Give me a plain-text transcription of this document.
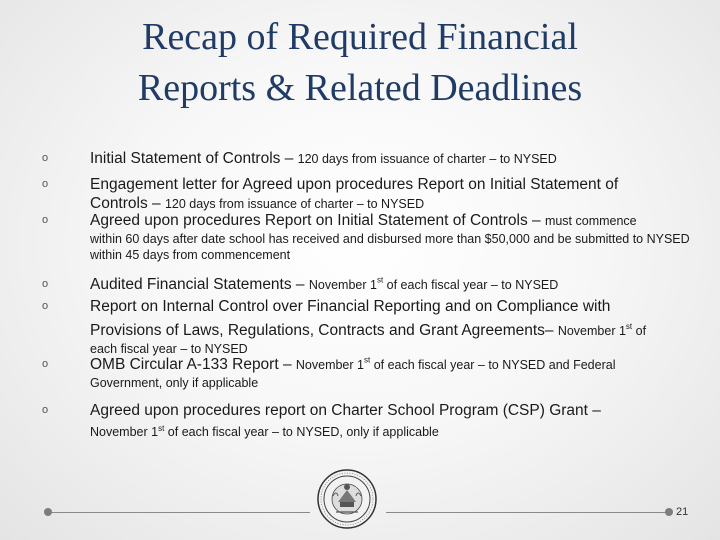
Recap of Required Financial
Reports & Related Deadlines
o	Initial Statement of Controls – 120 days from issuance of charter – to NYSED
o	Engagement letter for Agreed upon procedures Report on Initial Statement of
Controls – 120 days from issuance of charter – to NYSED
o	Agreed upon procedures Report on Initial Statement of Controls – must commence
within 60 days after date school has received and disbursed more than $50,000 and be submitted to NYSED within 45 days from commencement
o	Audited Financial Statements – November 1st of each fiscal year – to NYSED
o	Report on Internal Control over Financial Reporting and on Compliance with
Provisions of Laws, Regulations, Contracts and Grant Agreements– November 1st of
each fiscal year – to NYSED
o	OMB Circular A-133 Report – November 1st of each fiscal year – to NYSED and Federal
Government, only if applicable
o	Agreed upon procedures report on Charter School Program (CSP) Grant –
November 1st of each fiscal year – to NYSED, only if applicable
21
